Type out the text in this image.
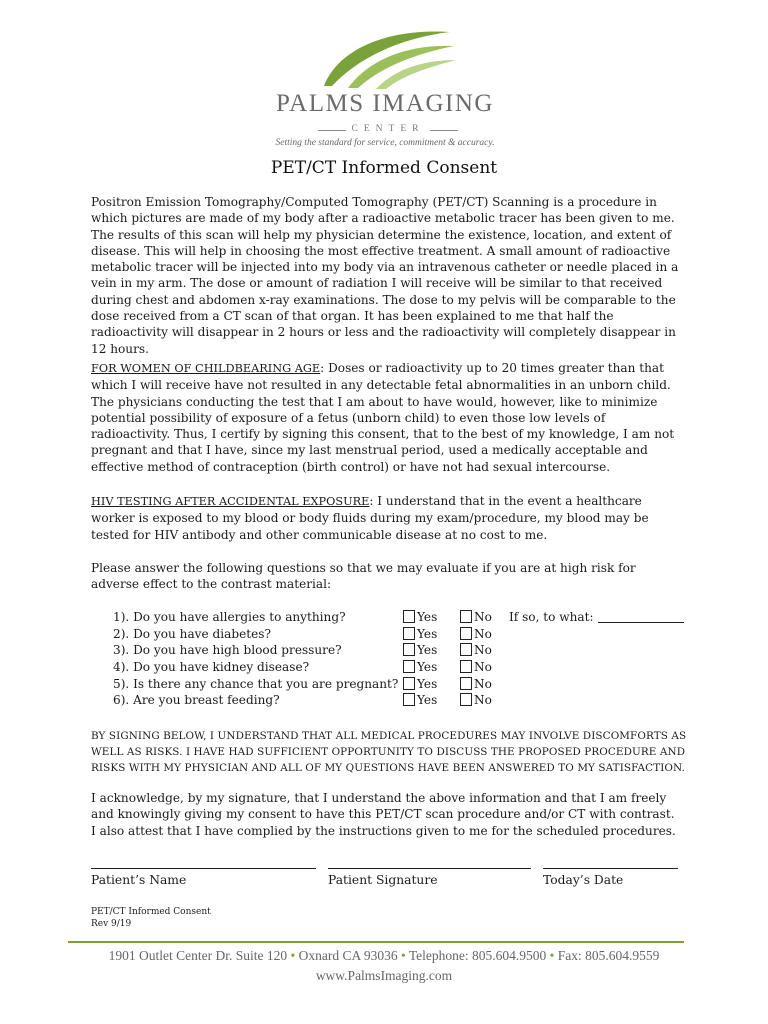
PALMS IMAGING
CENTER
Setting the standard for service, commitment & accuracy.
PET/CT Informed Consent
Positron Emission Tomography/Computed Tomography (PET/CT) Scanning is a procedure in which pictures are made of my body after a radioactive metabolic tracer has been given to me. The results of this scan will help my physician determine the existence, location, and extent of disease. This will help in choosing the most effective treatment. A small amount of radioactive metabolic tracer will be injected into my body via an intravenous catheter or needle placed in a vein in my arm. The dose or amount of radiation I will receive will be similar to that received during chest and abdomen x-ray examinations. The dose to my pelvis will be comparable to the dose received from a CT scan of that organ. It has been explained to me that half the radioactivity will disappear in 2 hours or less and the radioactivity will completely disappear in 12 hours.
FOR WOMEN OF CHILDBEARING AGE: Doses or radioactivity up to 20 times greater than that which I will receive have not resulted in any detectable fetal abnormalities in an unborn child. The physicians conducting the test that I am about to have would, however, like to minimize potential possibility of exposure of a fetus (unborn child) to even those low levels of radioactivity. Thus, I certify by signing this consent, that to the best of my knowledge, I am not pregnant and that I have, since my last menstrual period, used a medically acceptable and effective method of contraception (birth control) or have not had sexual intercourse.
HIV TESTING AFTER ACCIDENTAL EXPOSURE: I understand that in the event a healthcare worker is exposed to my blood or body fluids during my exam/procedure, my blood may be tested for HIV antibody and other communicable disease at no cost to me.
Please answer the following questions so that we may evaluate if you are at high risk for adverse effect to the contrast material:
1). Do you have allergies to anything?	Yes	No If so, to what:
2). Do you have diabetes?	Yes	No
3). Do you have high blood pressure?	Yes	No
4). Do you have kidney disease?	Yes	No
5). Is there any chance that you are pregnant?	Yes	No
6). Are you breast feeding?	Yes	No
BY SIGNING BELOW, I UNDERSTAND THAT ALL MEDICAL PROCEDURES MAY INVOLVE DISCOMFORTS AS WELL AS RISKS. I HAVE HAD SUFFICIENT OPPORTUNITY TO DISCUSS THE PROPOSED PROCEDURE AND RISKS WITH MY PHYSICIAN AND ALL OF MY QUESTIONS HAVE BEEN ANSWERED TO MY SATISFACTION.
I acknowledge, by my signature, that I understand the above information and that I am freely and knowingly giving my consent to have this PET/CT scan procedure and/or CT with contrast. I also attest that I have complied by the instructions given to me for the scheduled procedures.
Patient’s Name	Patient Signature	Today’s Date
PET/CT Informed Consent
Rev 9/19
1901 Outlet Center Dr. Suite 120 • Oxnard CA 93036 • Telephone: 805.604.9500 • Fax: 805.604.9559
www.PalmsImaging.com
